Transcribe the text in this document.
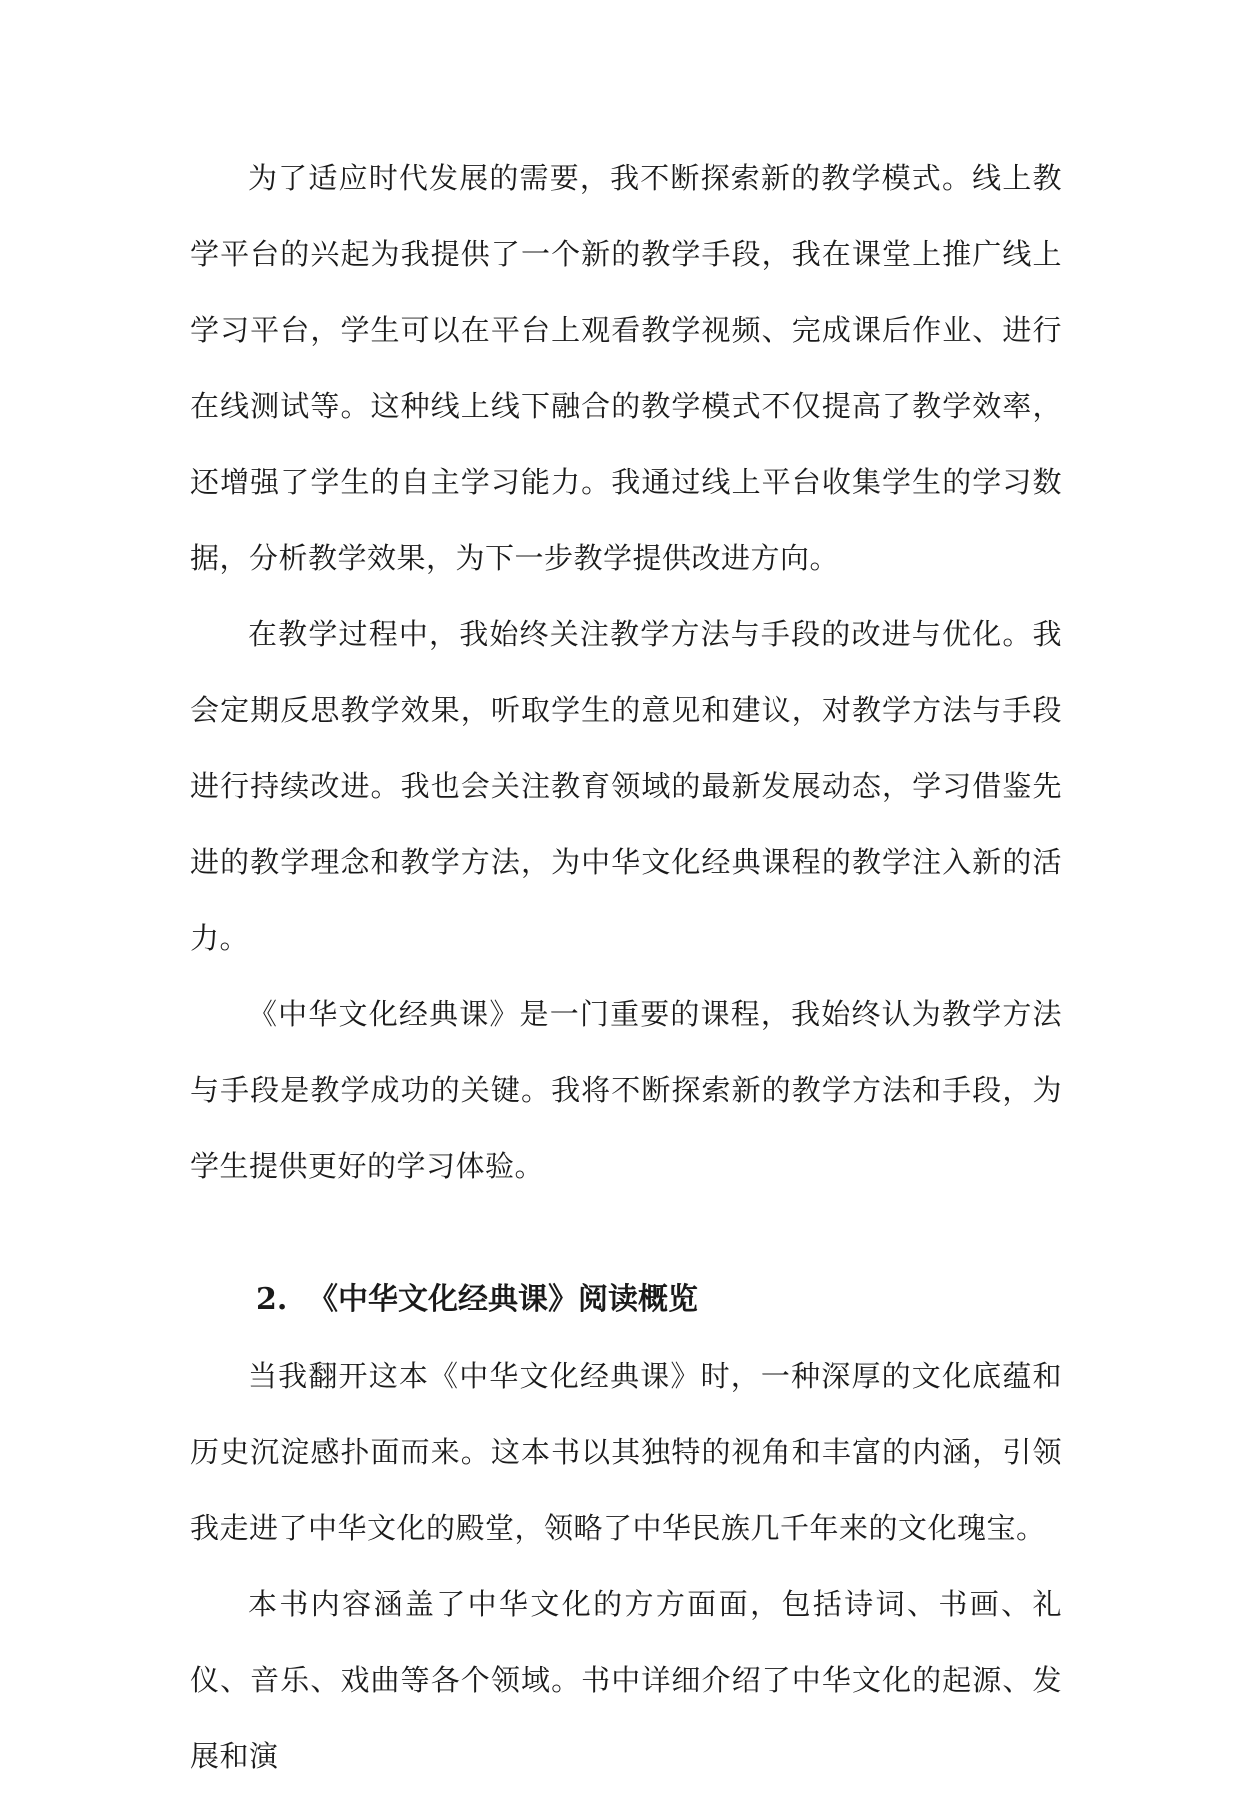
为了适应时代发展的需要，我不断探索新的教学模式。线上教学平台的兴起为我提供了一个新的教学手段，我在课堂上推广线上学习平台，学生可以在平台上观看教学视频、完成课后作业、进行在线测试等。这种线上线下融合的教学模式不仅提高了教学效率，还增强了学生的自主学习能力。我通过线上平台收集学生的学习数据，分析教学效果，为下一步教学提供改进方向。

在教学过程中，我始终关注教学方法与手段的改进与优化。我会定期反思教学效果，听取学生的意见和建议，对教学方法与手段进行持续改进。我也会关注教育领域的最新发展动态，学习借鉴先进的教学理念和教学方法，为中华文化经典课程的教学注入新的活力。

《中华文化经典课》是一门重要的课程，我始终认为教学方法与手段是教学成功的关键。我将不断探索新的教学方法和手段，为学生提供更好的学习体验。

2. 《中华文化经典课》阅读概览

当我翻开这本《中华文化经典课》时，一种深厚的文化底蕴和历史沉淀感扑面而来。这本书以其独特的视角和丰富的内涵，引领我走进了中华文化的殿堂，领略了中华民族几千年来的文化瑰宝。

本书内容涵盖了中华文化的方方面面，包括诗词、书画、礼仪、音乐、戏曲等各个领域。书中详细介绍了中华文化的起源、发展和演
